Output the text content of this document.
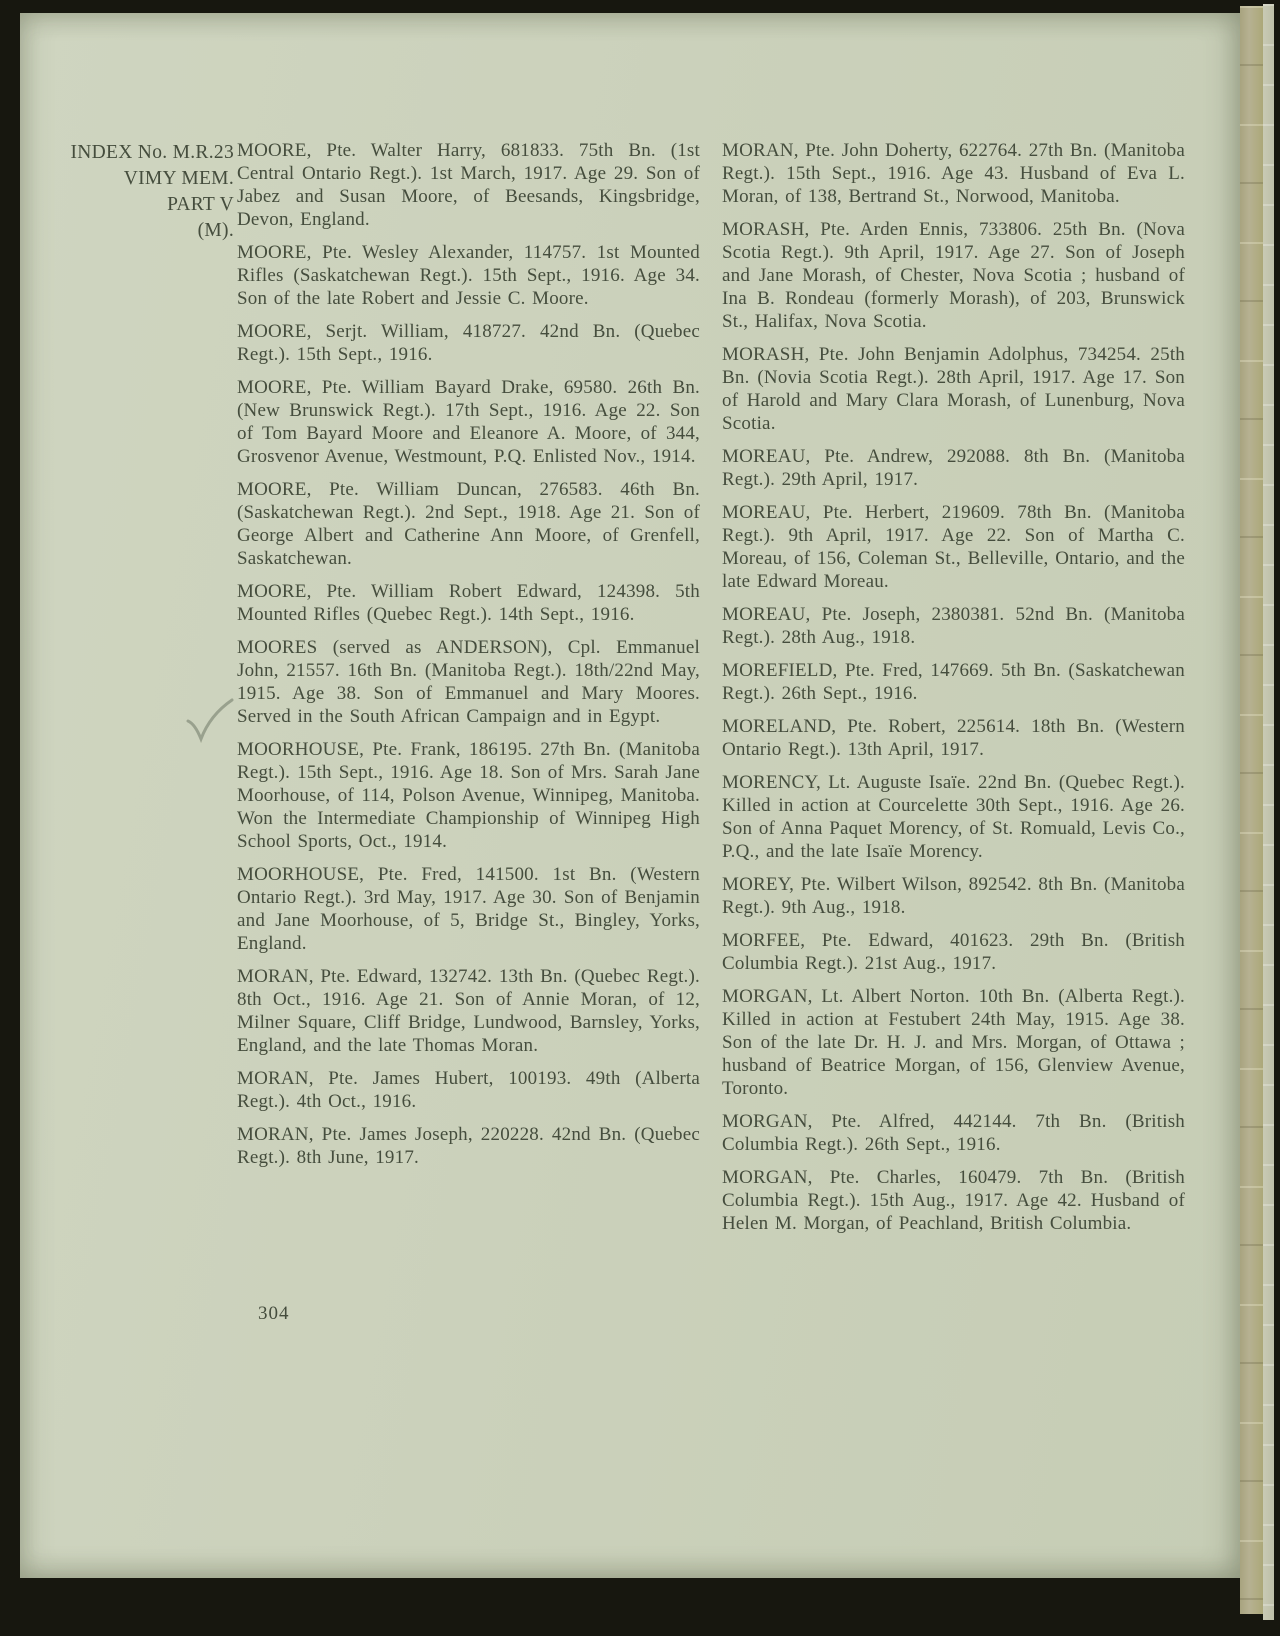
INDEX No. M.R.23
VIMY MEM.
PART V
(M).

MOORE, Pte. Walter Harry, 681833. 75th Bn. (1st Central Ontario Regt.). 1st March, 1917. Age 29. Son of Jabez and Susan Moore, of Beesands, Kingsbridge, Devon, England.

MOORE, Pte. Wesley Alexander, 114757. 1st Mounted Rifles (Saskatchewan Regt.). 15th Sept., 1916. Age 34. Son of the late Robert and Jessie C. Moore.

MOORE, Serjt. William, 418727. 42nd Bn. (Quebec Regt.). 15th Sept., 1916.

MOORE, Pte. William Bayard Drake, 69580. 26th Bn. (New Brunswick Regt.). 17th Sept., 1916. Age 22. Son of Tom Bayard Moore and Eleanore A. Moore, of 344, Grosvenor Avenue, Westmount, P.Q. Enlisted Nov., 1914.

MOORE, Pte. William Duncan, 276583. 46th Bn. (Saskatchewan Regt.). 2nd Sept., 1918. Age 21. Son of George Albert and Catherine Ann Moore, of Grenfell, Saskatchewan.

MOORE, Pte. William Robert Edward, 124398. 5th Mounted Rifles (Quebec Regt.). 14th Sept., 1916.

MOORES (served as ANDERSON), Cpl. Emmanuel John, 21557. 16th Bn. (Manitoba Regt.). 18th/22nd May, 1915. Age 38. Son of Emmanuel and Mary Moores. Served in the South African Campaign and in Egypt.

MOORHOUSE, Pte. Frank, 186195. 27th Bn. (Manitoba Regt.). 15th Sept., 1916. Age 18. Son of Mrs. Sarah Jane Moorhouse, of 114, Polson Avenue, Winnipeg, Manitoba. Won the Intermediate Championship of Winnipeg High School Sports, Oct., 1914.

MOORHOUSE, Pte. Fred, 141500. 1st Bn. (Western Ontario Regt.). 3rd May, 1917. Age 30. Son of Benjamin and Jane Moorhouse, of 5, Bridge St., Bingley, Yorks, England.

MORAN, Pte. Edward, 132742. 13th Bn. (Quebec Regt.). 8th Oct., 1916. Age 21. Son of Annie Moran, of 12, Milner Square, Cliff Bridge, Lundwood, Barnsley, Yorks, England, and the late Thomas Moran.

MORAN, Pte. James Hubert, 100193. 49th (Alberta Regt.). 4th Oct., 1916.

MORAN, Pte. James Joseph, 220228. 42nd Bn. (Quebec Regt.). 8th June, 1917.

MORAN, Pte. John Doherty, 622764. 27th Bn. (Manitoba Regt.). 15th Sept., 1916. Age 43. Husband of Eva L. Moran, of 138, Bertrand St., Norwood, Manitoba.

MORASH, Pte. Arden Ennis, 733806. 25th Bn. (Nova Scotia Regt.). 9th April, 1917. Age 27. Son of Joseph and Jane Morash, of Chester, Nova Scotia ; husband of Ina B. Rondeau (formerly Morash), of 203, Brunswick St., Halifax, Nova Scotia.

MORASH, Pte. John Benjamin Adolphus, 734254. 25th Bn. (Novia Scotia Regt.). 28th April, 1917. Age 17. Son of Harold and Mary Clara Morash, of Lunenburg, Nova Scotia.

MOREAU, Pte. Andrew, 292088. 8th Bn. (Manitoba Regt.). 29th April, 1917.

MOREAU, Pte. Herbert, 219609. 78th Bn. (Manitoba Regt.). 9th April, 1917. Age 22. Son of Martha C. Moreau, of 156, Coleman St., Belleville, Ontario, and the late Edward Moreau.

MOREAU, Pte. Joseph, 2380381. 52nd Bn. (Manitoba Regt.). 28th Aug., 1918.

MOREFIELD, Pte. Fred, 147669. 5th Bn. (Saskatchewan Regt.). 26th Sept., 1916.

MORELAND, Pte. Robert, 225614. 18th Bn. (Western Ontario Regt.). 13th April, 1917.

MORENCY, Lt. Auguste Isaïe. 22nd Bn. (Quebec Regt.). Killed in action at Courcelette 30th Sept., 1916. Age 26. Son of Anna Paquet Morency, of St. Romuald, Levis Co., P.Q., and the late Isaïe Morency.

MOREY, Pte. Wilbert Wilson, 892542. 8th Bn. (Manitoba Regt.). 9th Aug., 1918.

MORFEE, Pte. Edward, 401623. 29th Bn. (British Columbia Regt.). 21st Aug., 1917.

MORGAN, Lt. Albert Norton. 10th Bn. (Alberta Regt.). Killed in action at Festubert 24th May, 1915. Age 38. Son of the late Dr. H. J. and Mrs. Morgan, of Ottawa ; husband of Beatrice Morgan, of 156, Glenview Avenue, Toronto.

MORGAN, Pte. Alfred, 442144. 7th Bn. (British Columbia Regt.). 26th Sept., 1916.

MORGAN, Pte. Charles, 160479. 7th Bn. (British Columbia Regt.). 15th Aug., 1917. Age 42. Husband of Helen M. Morgan, of Peachland, British Columbia.

304
